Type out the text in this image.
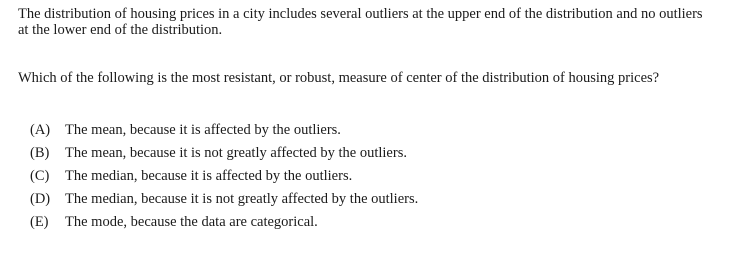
The distribution of housing prices in a city includes several outliers at the upper end of the distribution and no outliers at the lower end of the distribution.

Which of the following is the most resistant, or robust, measure of center of the distribution of housing prices?

(A)	The mean, because it is affected by the outliers.
(B)	The mean, because it is not greatly affected by the outliers.
(C)	The median, because it is affected by the outliers.
(D)	The median, because it is not greatly affected by the outliers.
(E)	The mode, because the data are categorical.
